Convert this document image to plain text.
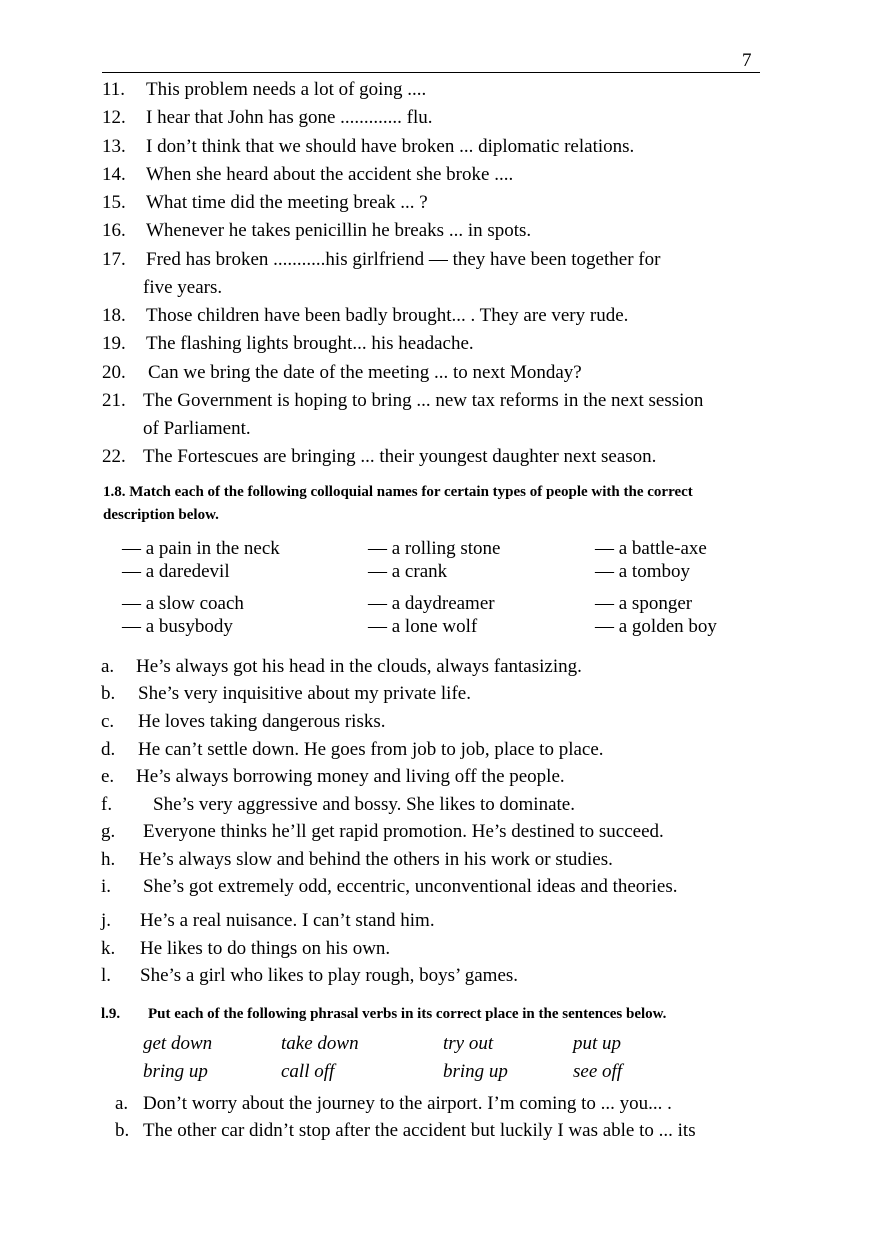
7
11. This problem needs a lot of going ....
12. I hear that John has gone ............. flu.
13. I don’t think that we should have broken ... diplomatic relations.
14. When she heard about the accident she broke ....
15. What time did the meeting break ... ?
16. Whenever he takes penicillin he breaks ... in spots.
17. Fred has broken ...........his girlfriend — they have been together for
five years.
18. Those children have been badly brought... . They are very rude.
19. The flashing lights brought... his headache.
20. Can we bring the date of the meeting ... to next Monday?
21. The Government is hoping to bring ... new tax reforms in the next session
of Parliament.
22. The Fortescues are bringing ... their youngest daughter next season.
1.8. Match each of the following colloquial names for certain types of people with the correct
description below.
— a pain in the neck	— a rolling stone	— a battle-axe
— a daredevil	— a crank	— a tomboy
— a slow coach	— a daydreamer	— a sponger
— a busybody	— a lone wolf	— a golden boy
a. He’s always got his head in the clouds, always fantasizing.
b. She’s very inquisitive about my private life.
c. He loves taking dangerous risks.
d. He can’t settle down. He goes from job to job, place to place.
e. He’s always borrowing money and living off the people.
f. She’s very aggressive and bossy. She likes to dominate.
g. Everyone thinks he’ll get rapid promotion. He’s destined to succeed.
h. He’s always slow and behind the others in his work or studies.
i. She’s got extremely odd, eccentric, unconventional ideas and theories.
j. He’s a real nuisance. I can’t stand him.
k. He likes to do things on his own.
l. She’s a girl who likes to play rough, boys’ games.
l.9. Put each of the following phrasal verbs in its correct place in the sentences below.
get down	take down	try out	put up
bring up	call off	bring up	see off
a. Don’t worry about the journey to the airport. I’m coming to ... you... .
b. The other car didn’t stop after the accident but luckily I was able to ... its
